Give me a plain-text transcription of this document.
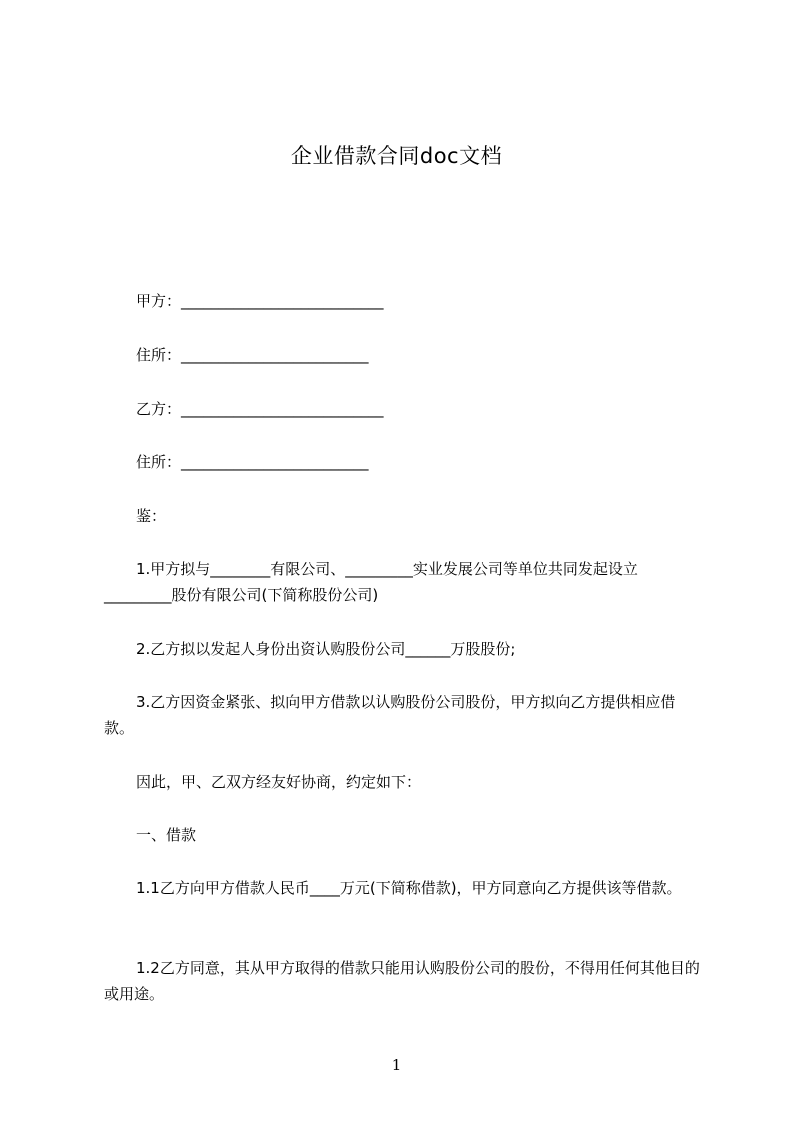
企业借款合同doc文档
甲方：___________________________
住所：_________________________
乙方：___________________________
住所：_________________________
鉴：
1.甲方拟与________有限公司、_________实业发展公司等单位共同发起设立_________股份有限公司(下简称股份公司)
2.乙方拟以发起人身份出资认购股份公司______万股股份;
3.乙方因资金紧张、拟向甲方借款以认购股份公司股份，甲方拟向乙方提供相应借款。
因此，甲、乙双方经友好协商，约定如下：
一、借款
1.1乙方向甲方借款人民币____万元(下简称借款)，甲方同意向乙方提供该等借款。
1.2乙方同意，其从甲方取得的借款只能用认购股份公司的股份，不得用任何其他目的或用途。
1
